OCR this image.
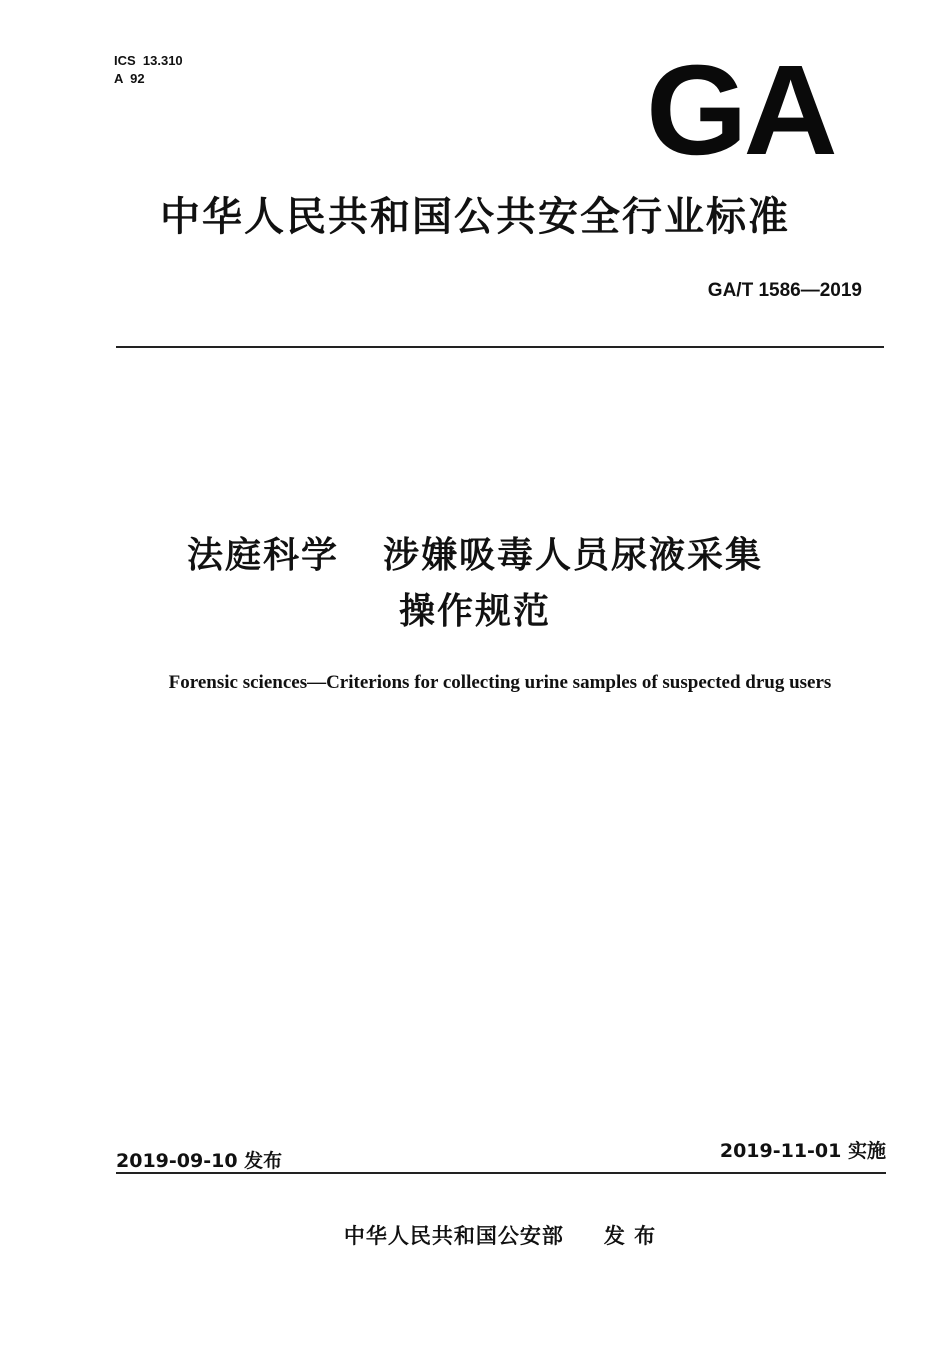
ICS  13.310
A  92	GA
中华人民共和国公共安全行业标准
GA/T 1586—2019
法庭科学 涉嫌吸毒人员尿液采集
操作规范
Forensic sciences—Criterions for collecting urine samples of suspected drug users
2019-09-10 发布	2019-11-01 实施
中华人民共和国公安部 发 布
